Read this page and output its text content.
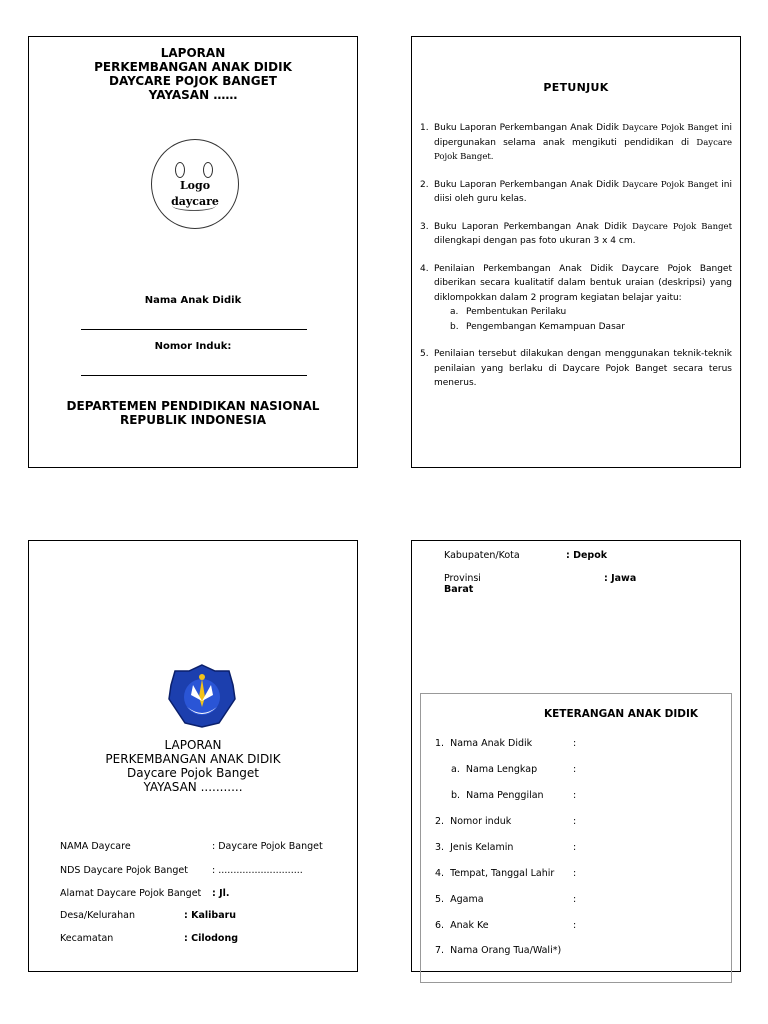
LAPORAN
PERKEMBANGAN ANAK DIDIK
DAYCARE POJOK BANGET
YAYASAN ……
Logo
daycare
Nama Anak Didik
Nomor Induk:
DEPARTEMEN PENDIDIKAN NASIONAL
REPUBLIK INDONESIA
PETUNJUK
1. Buku Laporan Perkembangan Anak Didik Daycare Pojok Banget ini dipergunakan selama anak mengikuti pendidikan di Daycare Pojok Banget.
2. Buku Laporan Perkembangan Anak Didik Daycare Pojok Banget ini diisi oleh guru kelas.
3. Buku Laporan Perkembangan Anak Didik Daycare Pojok Banget dilengkapi dengan pas foto ukuran 3 x 4 cm.
4. Penilaian Perkembangan Anak Didik Daycare Pojok Banget diberikan secara kualitatif dalam bentuk uraian (deskripsi) yang diklompokkan dalam 2 program kegiatan belajar yaitu:
a. Pembentukan Perilaku
b. Pengembangan Kemampuan Dasar
5. Penilaian tersebut dilakukan dengan menggunakan teknik-teknik penilaian yang berlaku di Daycare Pojok Banget secara terus menerus.
LAPORAN
PERKEMBANGAN ANAK DIDIK
Daycare Pojok Banget
YAYASAN ...........
NAMA Daycare	: Daycare Pojok Banget
NDS Daycare Pojok Banget	: ............................
Alamat Daycare Pojok Banget : Jl.
Desa/Kelurahan	: Kalibaru
Kecamatan	: Cilodong
Kabupaten/Kota	: Depok
Provinsi	: Jawa
Barat
KETERANGAN ANAK DIDIK
1. Nama Anak Didik	:
a. Nama Lengkap	:
b. Nama Penggilan	:
2. Nomor induk	:
3. Jenis Kelamin	:
4. Tempat, Tanggal Lahir :
5. Agama	:
6. Anak Ke	:
7. Nama Orang Tua/Wali*)
